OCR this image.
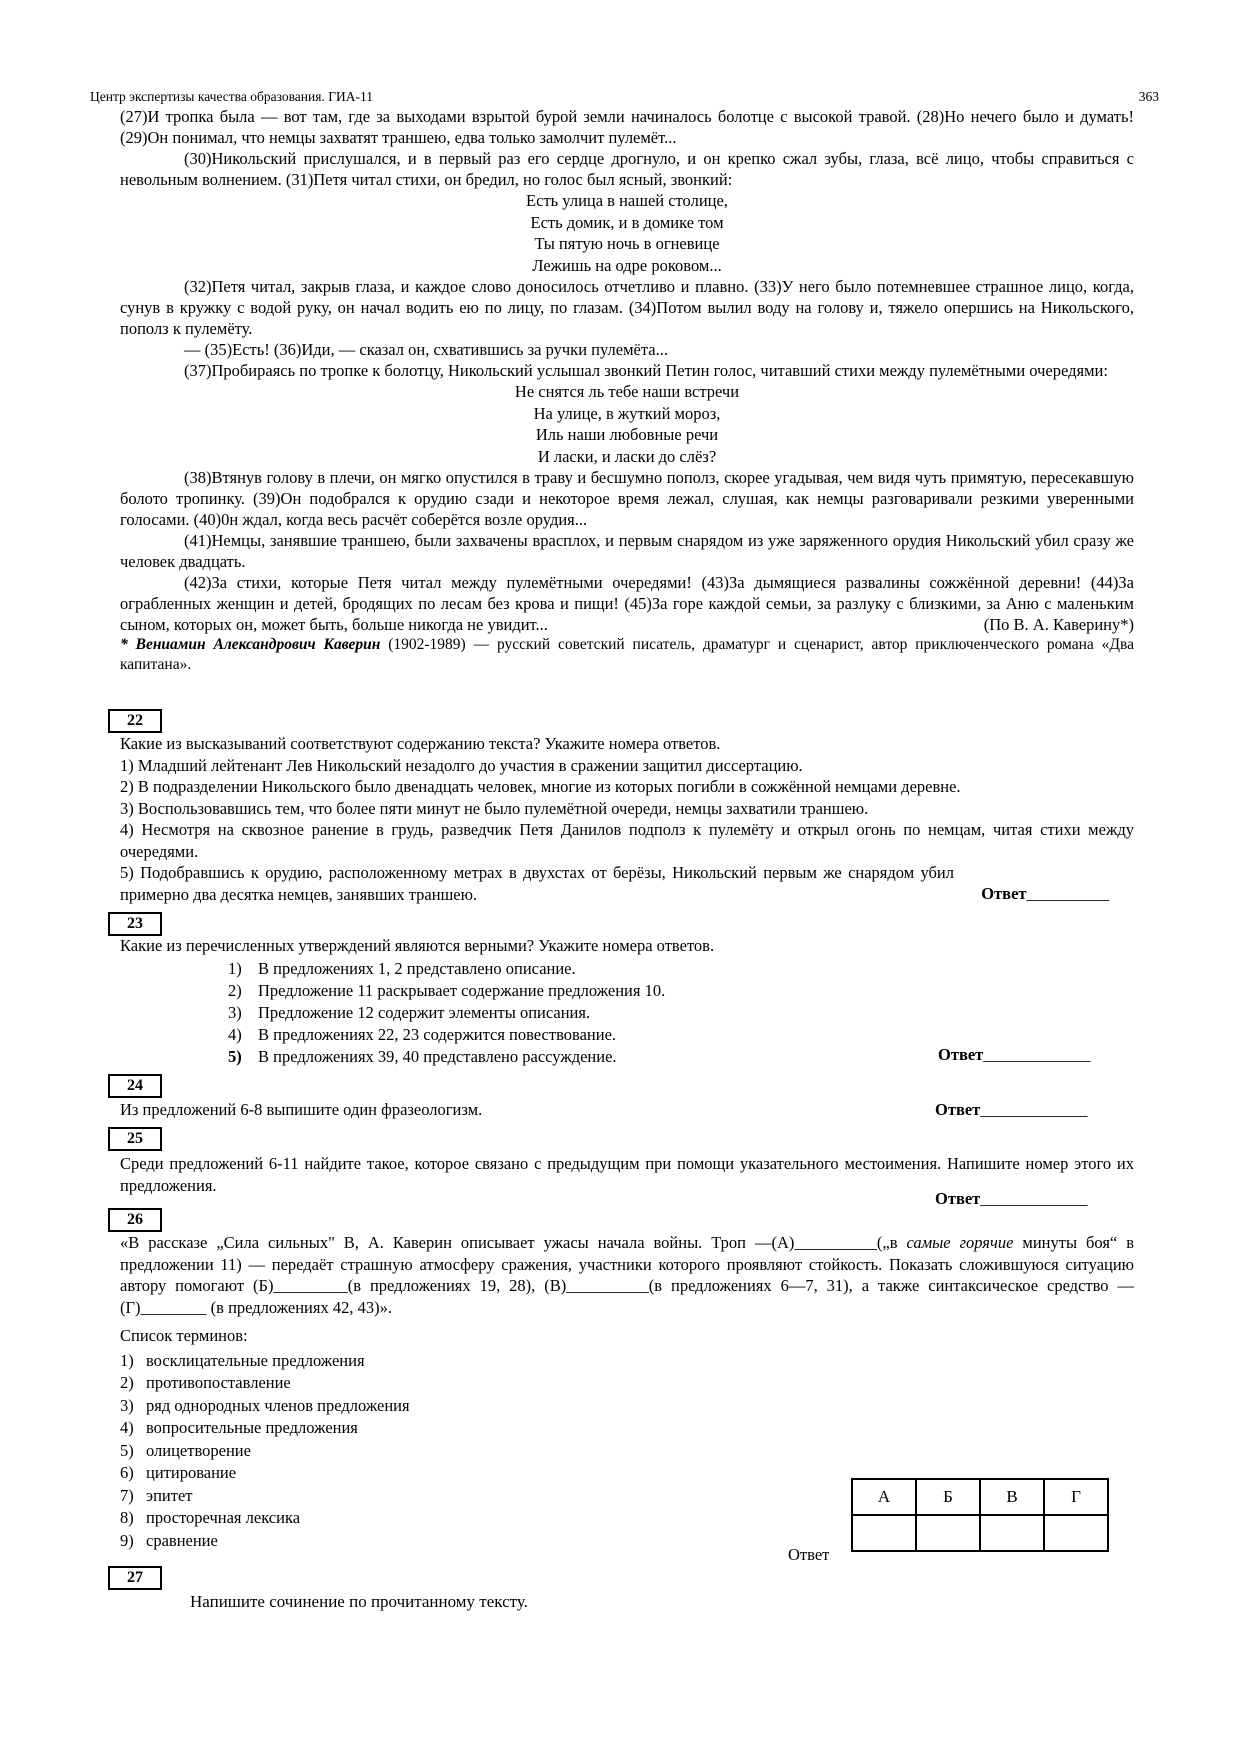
Центр экспертизы качества образования. ГИА-11	363

(27)И тропка была — вот там, где за выходами взрытой бурой земли начиналось болотце с высокой травой. (28)Но нечего было и думать! (29)Он понимал, что немцы захватят траншею, едва только замолчит пулемёт...

(30)Никольский прислушался, и в первый раз его сердце дрогнуло, и он крепко сжал зубы, глаза, всё лицо, чтобы справиться с невольным волнением. (31)Петя читал стихи, он бредил, но голос был ясный, звонкий:

Есть улица в нашей столице,
Есть домик, и в домике том
Ты пятую ночь в огневице
Лежишь на одре роковом...

(32)Петя читал, закрыв глаза, и каждое слово доносилось отчетливо и плавно. (33)У него было потемневшее страшное лицо, когда, сунув в кружку с водой руку, он начал водить ею по лицу, по глазам. (34)Потом вылил воду на голову и, тяжело опершись на Никольского, пополз к пулемёту.

— (35)Есть! (36)Иди, — сказал он, схватившись за ручки пулемёта...

(37)Пробираясь по тропке к болотцу, Никольский услышал звонкий Петин голос, читавший стихи между пулемётными очередями:

Не снятся ль тебе наши встречи
На улице, в жуткий мороз,
Иль наши любовные речи
И ласки, и ласки до слёз?

(38)Втянув голову в плечи, он мягко опустился в траву и бесшумно пополз, скорее угадывая, чем видя чуть примятую, пересекавшую болото тропинку. (39)Он подобрался к орудию сзади и некоторое время лежал, слушая, как немцы разговаривали резкими уверенными голосами. (40)0н ждал, когда весь расчёт соберётся возле орудия...

(41)Немцы, занявшие траншею, были захвачены врасплох, и первым снарядом из уже заряженного орудия Никольский убил сразу же человек двадцать.

(42)За стихи, которые Петя читал между пулемётными очередями! (43)За дымящиеся развалины сожжённой деревни! (44)За ограбленных женщин и детей, бродящих по лесам без крова и пищи! (45)За горе каждой семьи, за разлуку с близкими, за Аню с маленьким сыном, которых он, может быть, больше никогда не увидит...	(По В. А. Каверину*)

* Вениамин Александрович Каверин (1902-1989) — русский советский писатель, драматург и сценарист, автор приключенческого романа «Два капитана».

22

Какие из высказываний соответствуют содержанию текста? Укажите номера ответов.

1) Младший лейтенант Лев Никольский незадолго до участия в сражении защитил диссертацию.

2) В подразделении Никольского было двенадцать человек, многие из которых погибли в сожжённой немцами деревне.

3) Воспользовавшись тем, что более пяти минут не было пулемётной очереди, немцы захватили траншею.

4) Несмотря на сквозное ранение в грудь, разведчик Петя Данилов подполз к пулемёту и открыл огонь по немцам, читая стихи между очередями.

5) Подобравшись к орудию, расположенному метрах в двухстах от берёзы, Никольский первым же снарядом убил примерно два десятка немцев, занявших траншею.	Ответ__________
23

Какие из перечисленных утверждений являются верными? Укажите номера ответов.

1) В предложениях 1, 2 представлено описание.
2) Предложение 11 раскрывает содержание предложения 10.
3) Предложение 12 содержит элементы описания.
4) В предложениях 22, 23 содержится повествование.
5) В предложениях 39, 40 представлено рассуждение.	Ответ_____________
24

Из предложений 6-8 выпишите один фразеологизм.	Ответ_____________
25

Среди предложений 6-11 найдите такое, которое связано с предыдущим при помощи указательного местоимения. Напишите номер этого их предложения.

Ответ_____________
26

«В рассказе „Сила сильных" В, А. Каверин описывает ужасы начала войны. Троп —(А)__________(„в самые горячие минуты боя“ в предложении 11) — передаёт страшную атмосферу сражения, участники которого проявляют стойкость. Показать сложившуюся ситуацию автору помогают (Б)_________(в предложениях 19, 28), (В)__________(в предложениях 6—7, 31), а также синтаксическое средство — (Г)________ (в предложениях 42, 43)».

Список терминов:

1) восклицательные предложения
2) противопоставление
3) ряд однородных членов предложения
4) вопросительные предложения
5) олицетворение
6) цитирование
7) эпитет
8) просторечная лексика
9) сравнение
А	Б	В	Г

Ответ
27
Напишите сочинение по прочитанному тексту.
